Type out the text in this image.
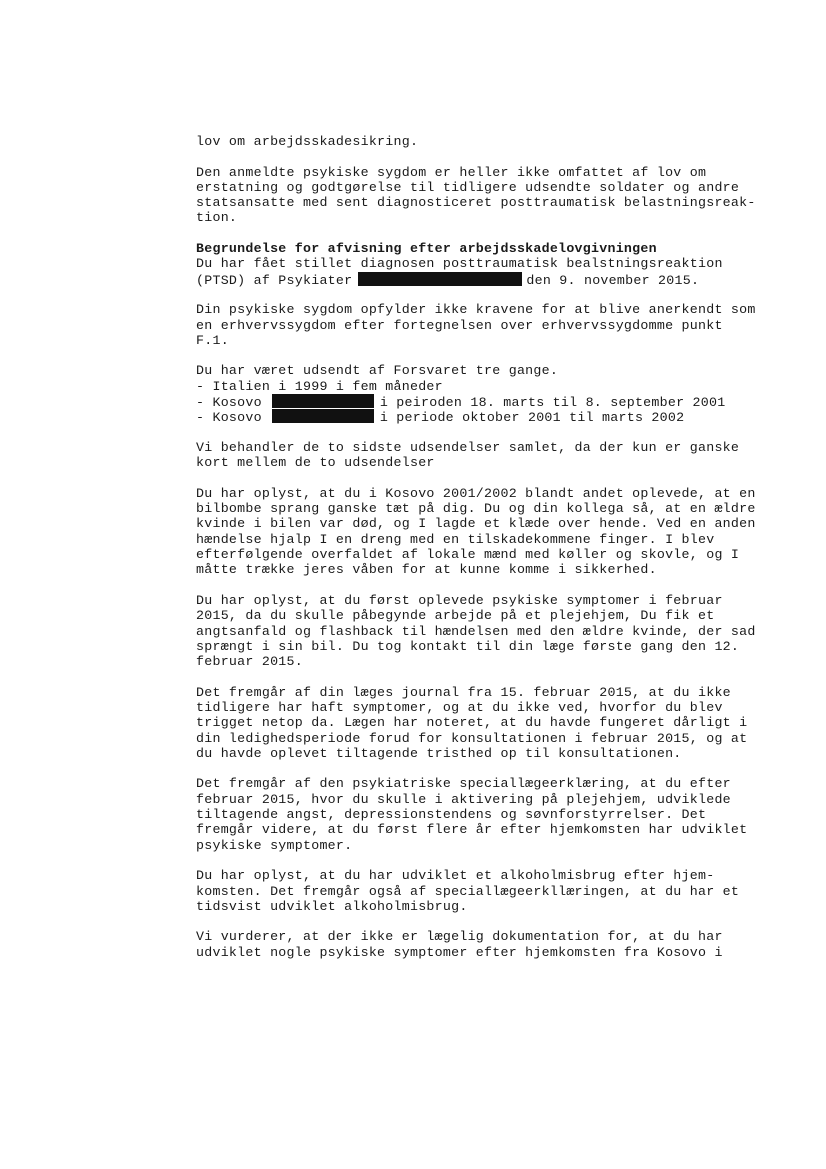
lov om arbejdsskadesikring.
Den anmeldte psykiske sygdom er heller ikke omfattet af lov om
erstatning og godtgørelse til tidligere udsendte soldater og andre
statsansatte med sent diagnosticeret posttraumatisk belastningsreak-
tion.
Begrundelse for afvisning efter arbejdsskadelovgivningen
Du har fået stillet diagnosen posttraumatisk bealstningsreaktion
(PTSD) af Psykiater	den 9. november 2015.
Din psykiske sygdom opfylder ikke kravene for at blive anerkendt som
en erhvervssygdom efter fortegnelsen over erhvervssygdomme punkt
F.1.
Du har været udsendt af Forsvaret tre gange.
- Italien i 1999 i fem måneder
- Kosovo	i peiroden 18. marts til 8. september 2001
- Kosovo	i periode oktober 2001 til marts 2002
Vi behandler de to sidste udsendelser samlet, da der kun er ganske
kort mellem de to udsendelser
Du har oplyst, at du i Kosovo 2001/2002 blandt andet oplevede, at en
bilbombe sprang ganske tæt på dig. Du og din kollega så, at en ældre
kvinde i bilen var død, og I lagde et klæde over hende. Ved en anden
hændelse hjalp I en dreng med en tilskadekommene finger. I blev
efterfølgende overfaldet af lokale mænd med køller og skovle, og I
måtte trække jeres våben for at kunne komme i sikkerhed.
Du har oplyst, at du først oplevede psykiske symptomer i februar
2015, da du skulle påbegynde arbejde på et plejehjem, Du fik et
angtsanfald og flashback til hændelsen med den ældre kvinde, der sad
sprængt i sin bil. Du tog kontakt til din læge første gang den 12.
februar 2015.
Det fremgår af din læges journal fra 15. februar 2015, at du ikke
tidligere har haft symptomer, og at du ikke ved, hvorfor du blev
trigget netop da. Lægen har noteret, at du havde fungeret dårligt i
din ledighedsperiode forud for konsultationen i februar 2015, og at
du havde oplevet tiltagende tristhed op til konsultationen.
Det fremgår af den psykiatriske speciallægeerklæring, at du efter
februar 2015, hvor du skulle i aktivering på plejehjem, udviklede
tiltagende angst, depressionstendens og søvnforstyrrelser. Det
fremgår videre, at du først flere år efter hjemkomsten har udviklet
psykiske symptomer.
Du har oplyst, at du har udviklet et alkoholmisbrug efter hjem-
komsten. Det fremgår også af speciallægeerkllæringen, at du har et
tidsvist udviklet alkoholmisbrug.
Vi vurderer, at der ikke er lægelig dokumentation for, at du har
udviklet nogle psykiske symptomer efter hjemkomsten fra Kosovo i
